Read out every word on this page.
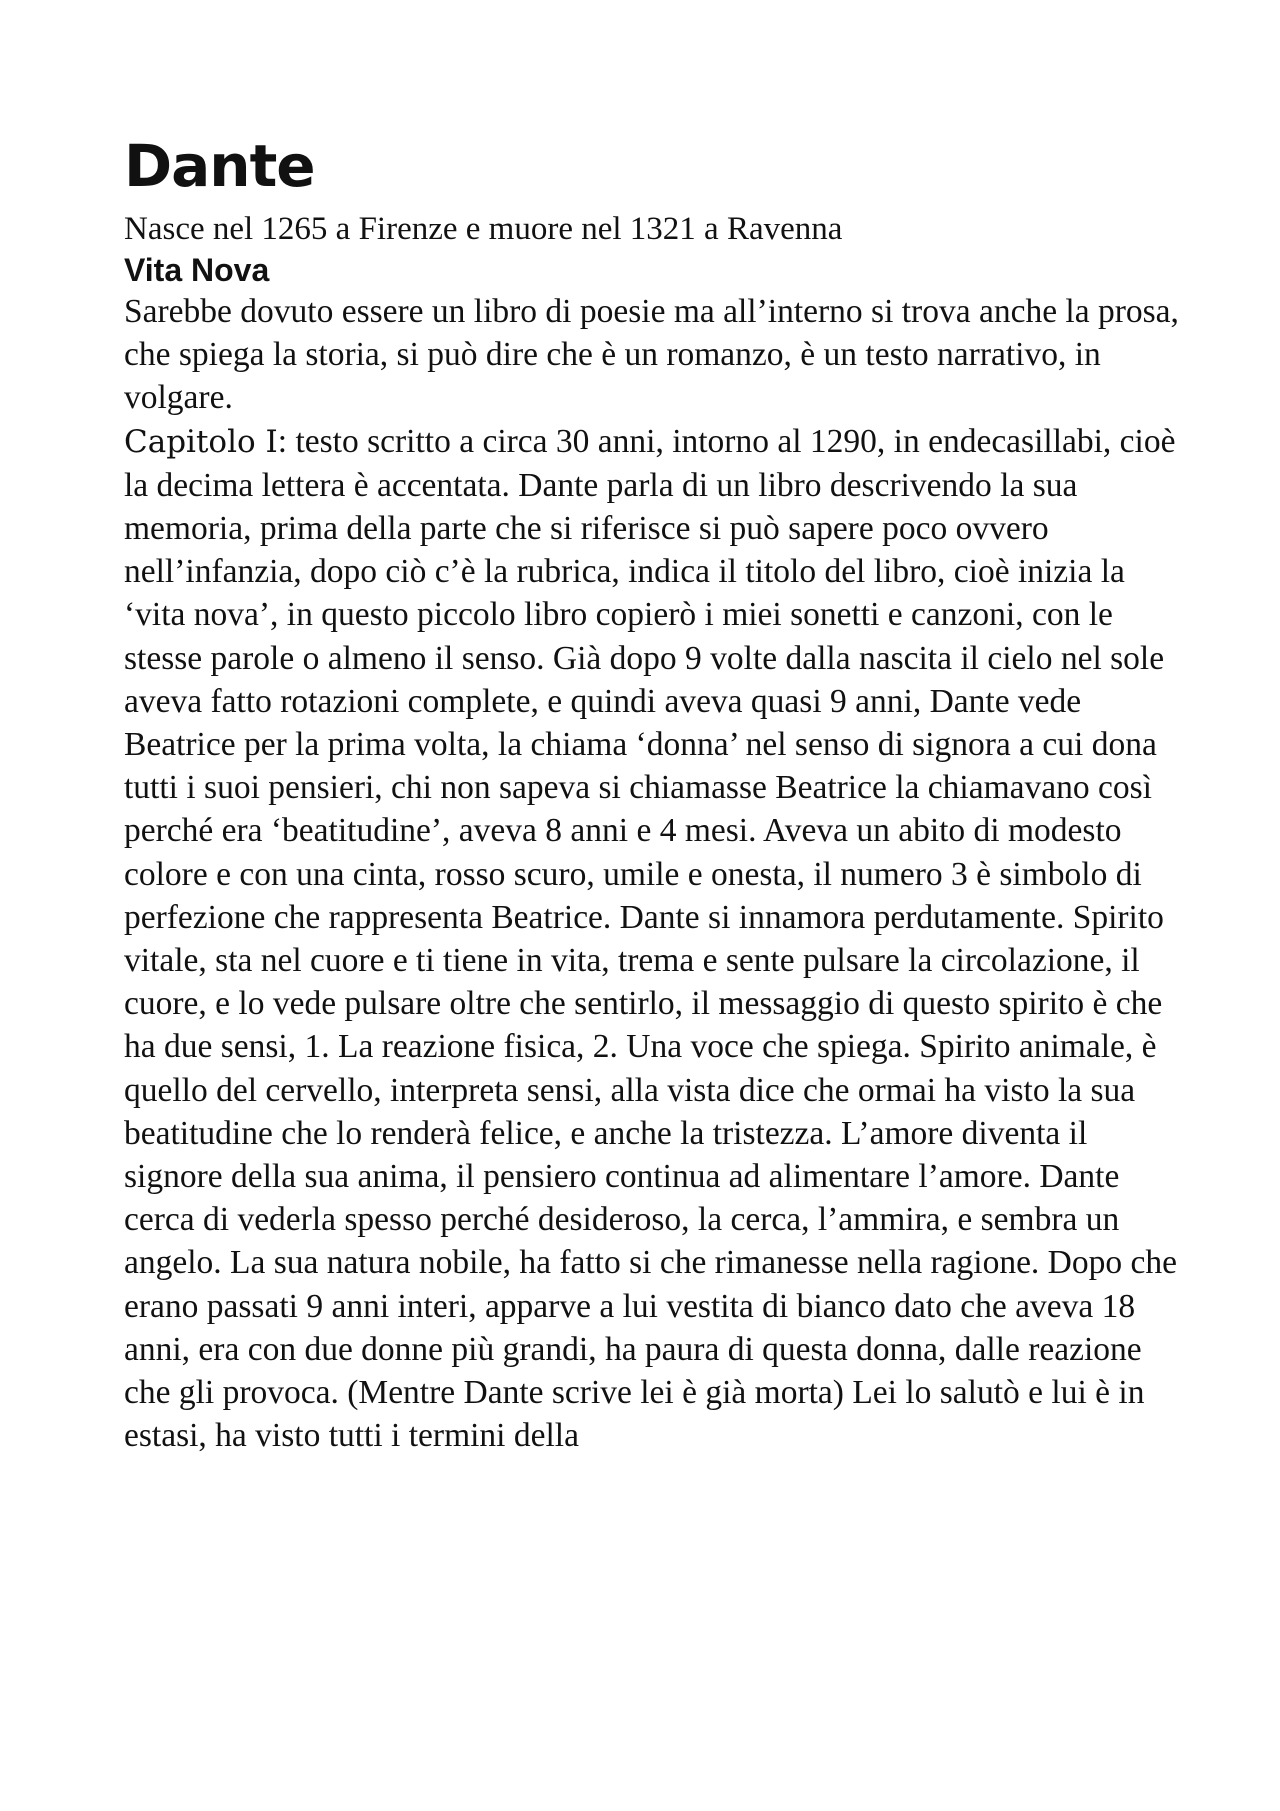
Dante

Nasce nel 1265 a Firenze e muore nel 1321 a Ravenna

Vita Nova

Sarebbe dovuto essere un libro di poesie ma all’interno si trova anche la prosa, che spiega la storia, si può dire che è un romanzo, è un testo narrativo, in volgare.

Capitolo I: testo scritto a circa 30 anni, intorno al 1290, in endecasillabi, cioè la decima lettera è accentata. Dante parla di un libro descrivendo la sua memoria, prima della parte che si riferisce si può sapere poco ovvero nell’infanzia, dopo ciò c’è la rubrica, indica il titolo del libro, cioè inizia la ‘vita nova’, in questo piccolo libro copierò i miei sonetti e canzoni, con le stesse parole o almeno il senso. Già dopo 9 volte dalla nascita il cielo nel sole aveva fatto rotazioni complete, e quindi aveva quasi 9 anni, Dante vede Beatrice per la prima volta, la chiama ‘donna’ nel senso di signora a cui dona tutti i suoi pensieri, chi non sapeva si chiamasse Beatrice la chiamavano così perché era ‘beatitudine’, aveva 8 anni e 4 mesi. Aveva un abito di modesto colore e con una cinta, rosso scuro, umile e onesta, il numero 3 è simbolo di perfezione che rappresenta Beatrice. Dante si innamora perdutamente. Spirito vitale, sta nel cuore e ti tiene in vita, trema e sente pulsare la circolazione, il cuore, e lo vede pulsare oltre che sentirlo, il messaggio di questo spirito è che ha due sensi, 1. La reazione fisica, 2. Una voce che spiega. Spirito animale, è quello del cervello, interpreta sensi, alla vista dice che ormai ha visto la sua beatitudine che lo renderà felice, e anche la tristezza. L’amore diventa il signore della sua anima, il pensiero continua ad alimentare l’amore. Dante cerca di vederla spesso perché desideroso, la cerca, l’ammira, e sembra un angelo. La sua natura nobile, ha fatto si che rimanesse nella ragione. Dopo che erano passati 9 anni interi, apparve a lui vestita di bianco dato che aveva 18 anni, era con due donne più grandi, ha paura di questa donna, dalle reazione che gli provoca. (Mentre Dante scrive lei è già morta) Lei lo salutò e lui è in estasi, ha visto tutti i termini della
